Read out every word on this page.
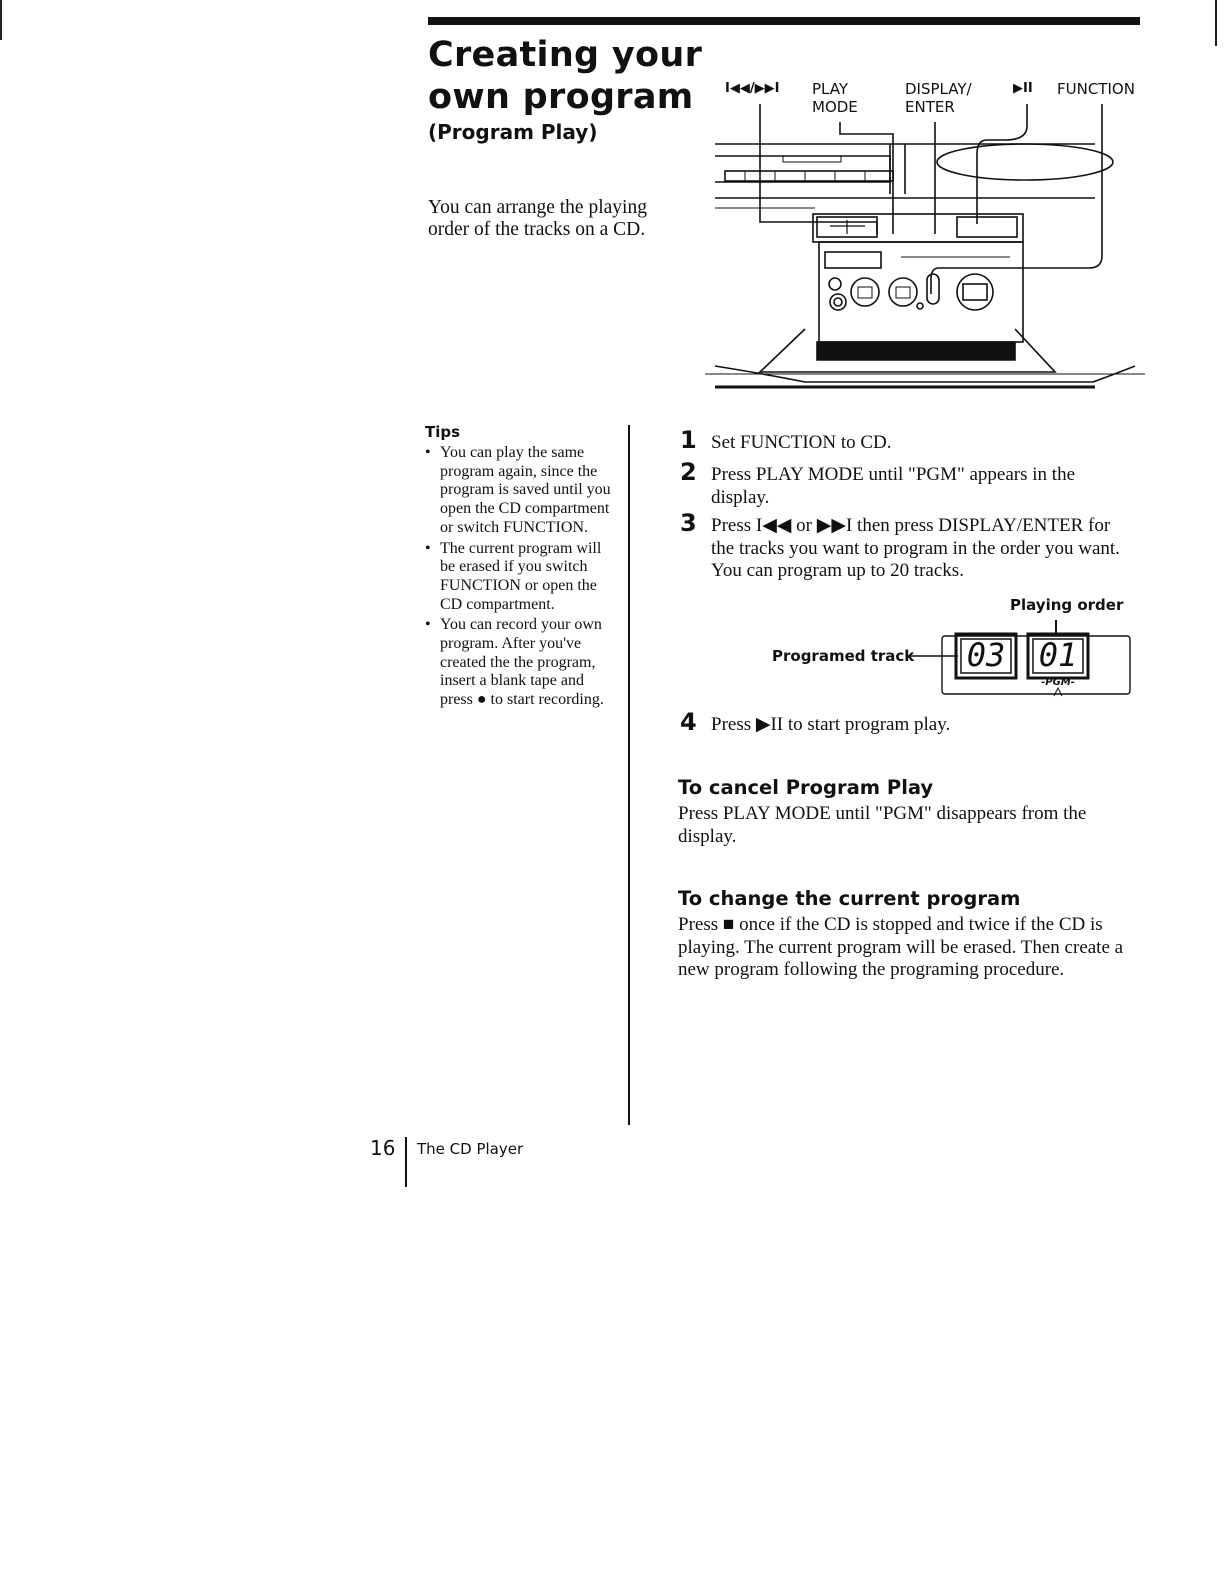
Creating your own program
(Program Play)

You can arrange the playing order of the tracks on a CD.

I◀◀/▶▶I PLAY
MODE
DISPLAY/
ENTER
▶II FUNCTION
Tips
• You can play the same program again, since the program is saved until you open the CD compartment or switch FUNCTION.
• The current program will be erased if you switch FUNCTION or open the CD compartment.
• You can record your own program. After you've created the the program, insert a blank tape and press ● to start recording.
1 Set FUNCTION to CD.
2 Press PLAY MODE until "PGM" appears in the display.
3 Press I◀◀ or ▶▶I then press DISPLAY/ENTER for the tracks you want to program in the order you want. You can program up to 20 tracks.
Playing order
Programed track 03 01
-PGM-
4 Press ▶II to start program play.
To cancel Program Play

Press PLAY MODE until "PGM" disappears from the display.

To change the current program

Press ■ once if the CD is stopped and twice if the CD is playing. The current program will be erased. Then create a new program following the programing procedure.

16 The CD Player
